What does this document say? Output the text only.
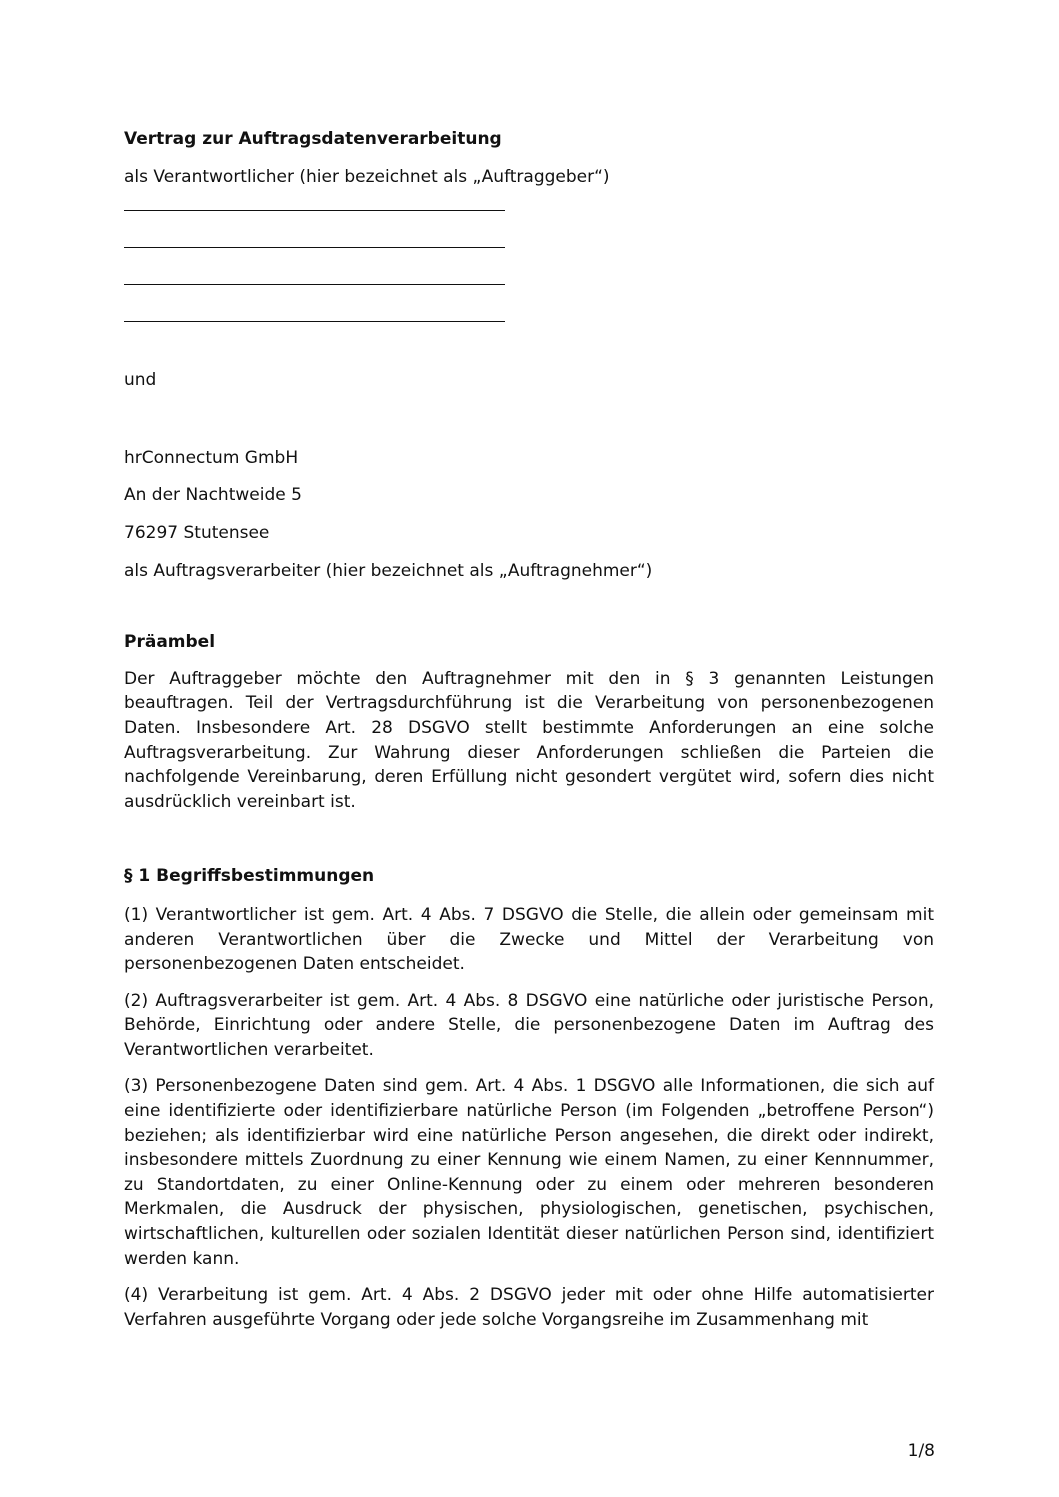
Vertrag zur Auftragsdatenverarbeitung

als Verantwortlicher (hier bezeichnet als „Auftraggeber“)

und

hrConnectum GmbH

An der Nachtweide 5

76297 Stutensee

als Auftragsverarbeiter (hier bezeichnet als „Auftragnehmer“)

Präambel

Der Auftraggeber möchte den Auftragnehmer mit den in § 3 genannten Leistungen beauftragen. Teil der Vertragsdurchführung ist die Verarbeitung von personenbezogenen Daten. Insbesondere Art. 28 DSGVO stellt bestimmte Anforderungen an eine solche Auftragsverarbeitung. Zur Wahrung dieser Anforderungen schließen die Parteien die nachfolgende Vereinbarung, deren Erfüllung nicht gesondert vergütet wird, sofern dies nicht ausdrücklich vereinbart ist.

§ 1 Begriffsbestimmungen

(1) Verantwortlicher ist gem. Art. 4 Abs. 7 DSGVO die Stelle, die allein oder gemeinsam mit anderen Verantwortlichen über die Zwecke und Mittel der Verarbeitung von personenbezogenen Daten entscheidet.

(2) Auftragsverarbeiter ist gem. Art. 4 Abs. 8 DSGVO eine natürliche oder juristische Person, Behörde, Einrichtung oder andere Stelle, die personenbezogene Daten im Auftrag des Verantwortlichen verarbeitet.

(3) Personenbezogene Daten sind gem. Art. 4 Abs. 1 DSGVO alle Informationen, die sich auf eine identifizierte oder identifizierbare natürliche Person (im Folgenden „betroffene Person“) beziehen; als identifizierbar wird eine natürliche Person angesehen, die direkt oder indirekt, insbesondere mittels Zuordnung zu einer Kennung wie einem Namen, zu einer Kennnummer, zu Standortdaten, zu einer Online-Kennung oder zu einem oder mehreren besonderen Merkmalen, die Ausdruck der physischen, physiologischen, genetischen, psychischen, wirtschaftlichen, kulturellen oder sozialen Identität dieser natürlichen Person sind, identifiziert werden kann.

(4) Verarbeitung ist gem. Art. 4 Abs. 2 DSGVO jeder mit oder ohne Hilfe automatisierter Verfahren ausgeführte Vorgang oder jede solche Vorgangsreihe im Zusammenhang mit

1/8
